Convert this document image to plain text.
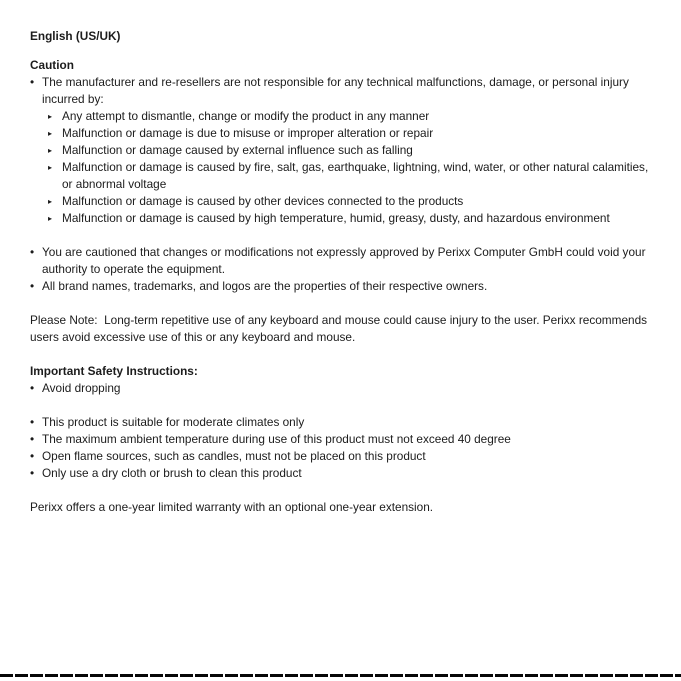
English (US/UK)

Caution

• The manufacturer and re-resellers are not responsible for any technical malfunctions, damage, or personal injury incurred by:
▸ Any attempt to dismantle, change or modify the product in any manner
▸ Malfunction or damage is due to misuse or improper alteration or repair
▸ Malfunction or damage caused by external influence such as falling
▸ Malfunction or damage is caused by fire, salt, gas, earthquake, lightning, wind, water, or other natural calamities, or abnormal voltage
▸ Malfunction or damage is caused by other devices connected to the products
▸ Malfunction or damage is caused by high temperature, humid, greasy, dusty, and hazardous environment
• You are cautioned that changes or modifications not expressly approved by Perixx Computer GmbH could void your authority to operate the equipment.
• All brand names, trademarks, and logos are the properties of their respective owners.

Please Note:  Long-term repetitive use of any keyboard and mouse could cause injury to the user. Perixx recommends users avoid excessive use of this or any keyboard and mouse.

Important Safety Instructions:

• Avoid dropping
• This product is suitable for moderate climates only
• The maximum ambient temperature during use of this product must not exceed 40 degree
• Open flame sources, such as candles, must not be placed on this product
• Only use a dry cloth or brush to clean this product

Perixx offers a one-year limited warranty with an optional one-year extension.
